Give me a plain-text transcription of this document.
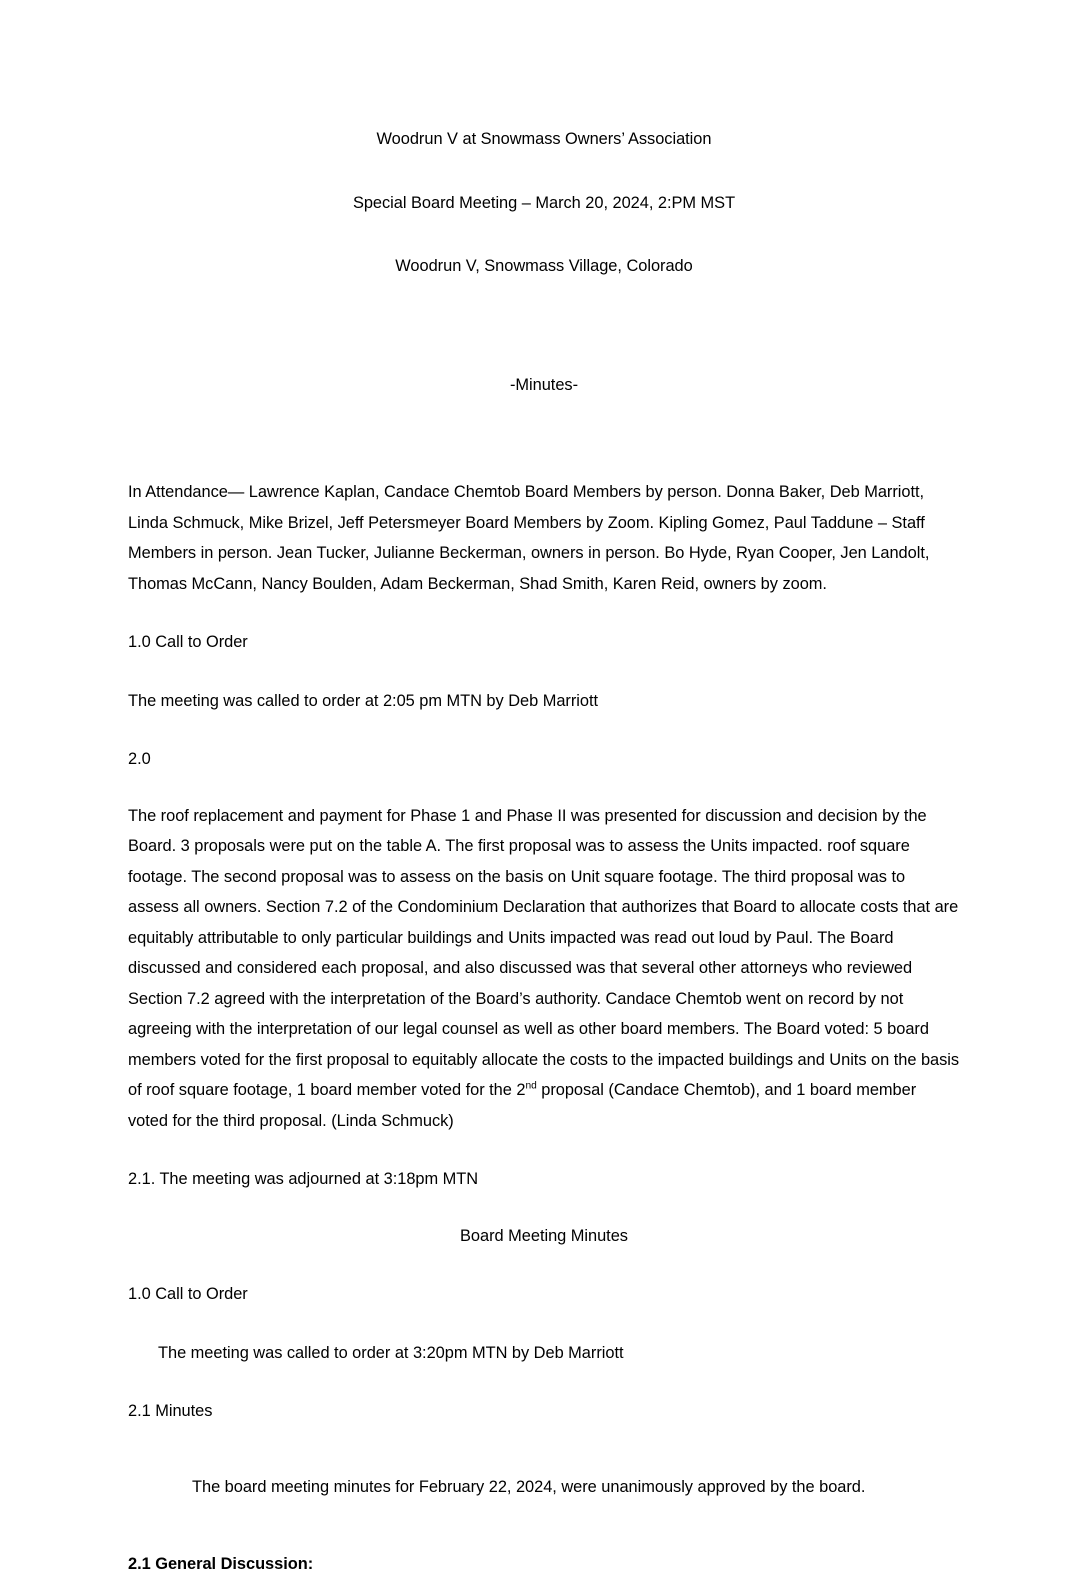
Woodrun V at Snowmass Owners’ Association

Special Board Meeting – March 20, 2024, 2:PM MST

Woodrun V, Snowmass Village, Colorado

-Minutes-

In Attendance— Lawrence Kaplan, Candace Chemtob Board Members by person. Donna Baker, Deb Marriott, Linda Schmuck, Mike Brizel, Jeff Petersmeyer Board Members by Zoom. Kipling Gomez, Paul Taddune – Staff Members in person. Jean Tucker, Julianne Beckerman, owners in person. Bo Hyde, Ryan Cooper, Jen Landolt, Thomas McCann, Nancy Boulden, Adam Beckerman, Shad Smith, Karen Reid, owners by zoom.

1.0 Call to Order

The meeting was called to order at 2:05 pm MTN by Deb Marriott

2.0

The roof replacement and payment for Phase 1 and Phase II was presented for discussion and decision by the Board. 3 proposals were put on the table A. The first proposal was to assess the Units impacted. roof square footage. The second proposal was to assess on the basis on Unit square footage. The third proposal was to assess all owners. Section 7.2 of the Condominium Declaration that authorizes that Board to allocate costs that are equitably attributable to only particular buildings and Units impacted was read out loud by Paul. The Board discussed and considered each proposal, and also discussed was that several other attorneys who reviewed Section 7.2 agreed with the interpretation of the Board’s authority. Candace Chemtob went on record by not agreeing with the interpretation of our legal counsel as well as other board members. The Board voted: 5 board members voted for the first proposal to equitably allocate the costs to the impacted buildings and Units on the basis of roof square footage, 1 board member voted for the 2nd proposal (Candace Chemtob), and 1 board member voted for the third proposal. (Linda Schmuck)

2.1. The meeting was adjourned at 3:18pm MTN

Board Meeting Minutes

1.0 Call to Order

The meeting was called to order at 3:20pm MTN by Deb Marriott

2.1 Minutes

The board meeting minutes for February 22, 2024, were unanimously approved by the board.

2.1 General Discussion:
